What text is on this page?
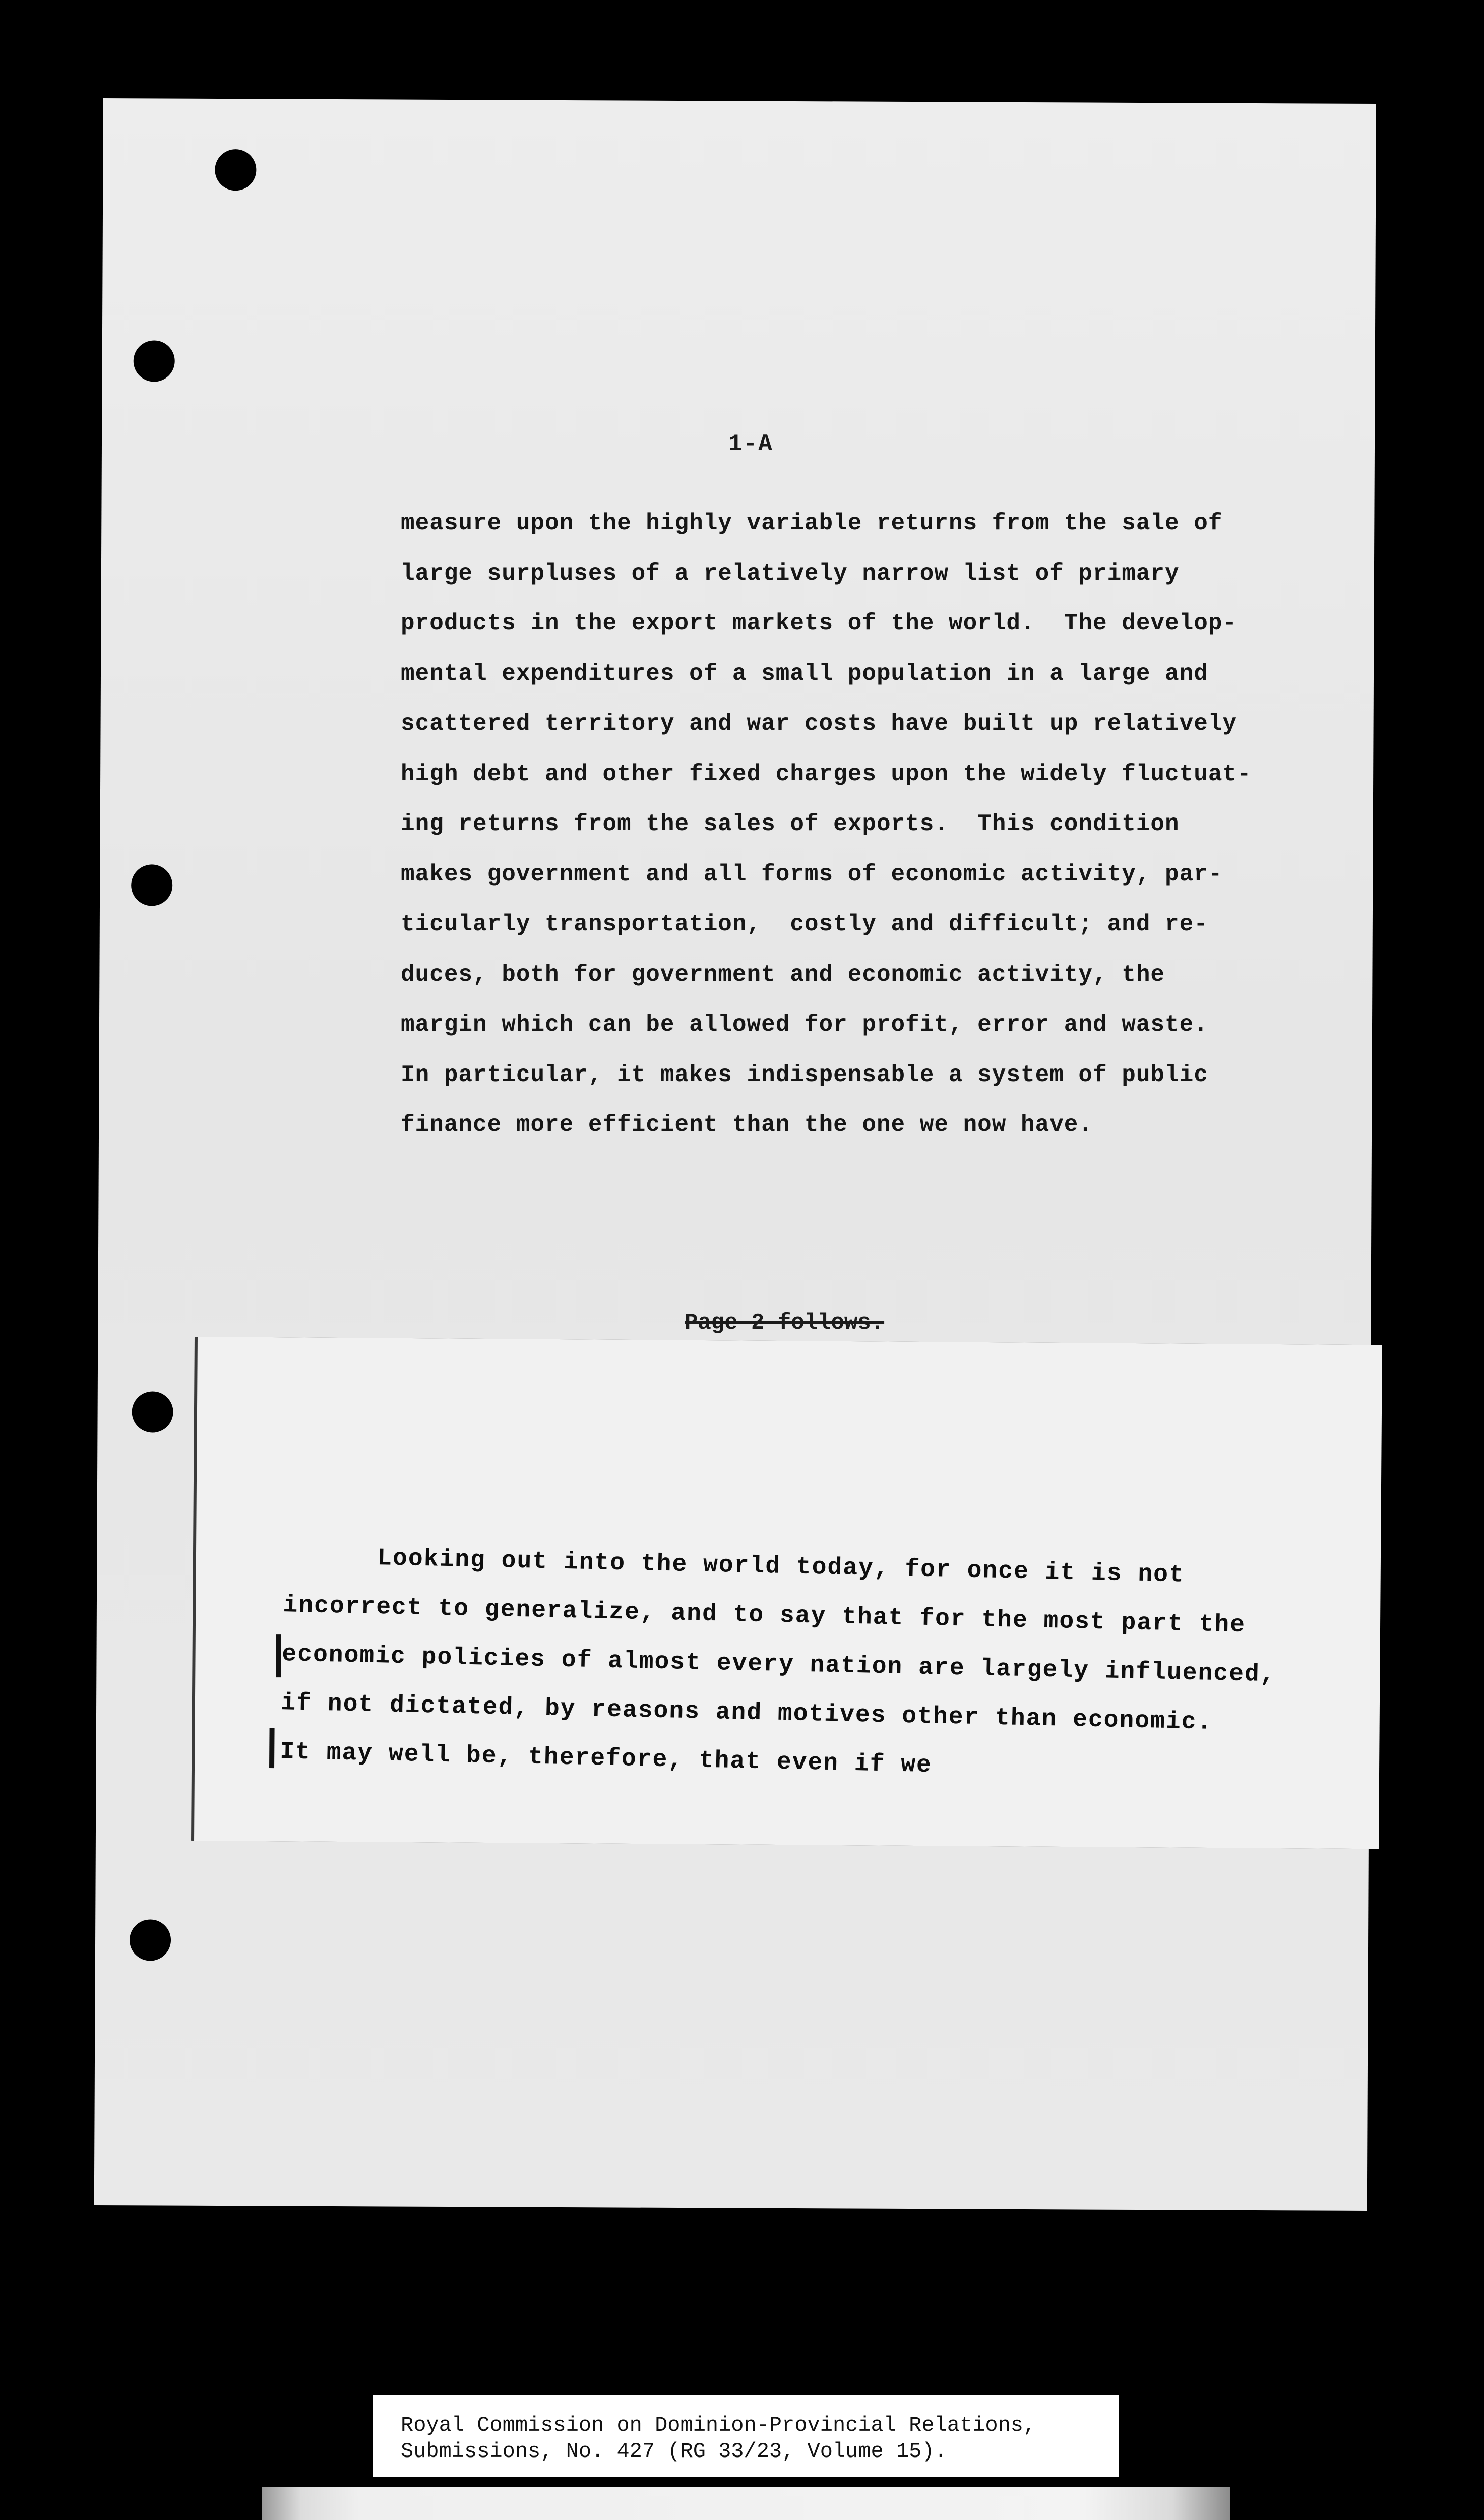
1-A
measure upon the highly variable returns from the sale of
large surpluses of a relatively narrow list of primary
products in the export markets of the world.  The develop-
mental expenditures of a small population in a large and
scattered territory and war costs have built up relatively
high debt and other fixed charges upon the widely fluctuat-
ing returns from the sales of exports.  This condition
makes government and all forms of economic activity, par-
ticularly transportation,  costly and difficult; and re-
duces, both for government and economic activity, the
margin which can be allowed for profit, error and waste.
In particular, it makes indispensable a system of public
finance more efficient than the one we now have.
Page 2 follows.
Looking out into the world today, for once it is not
incorrect to generalize, and to say that for the most part the
economic policies of almost every nation are largely influenced,
if not dictated, by reasons and motives other than economic.
It may well be, therefore, that even if we
Royal Commission on Dominion-Provincial Relations,
Submissions, No. 427 (RG 33/23, Volume 15).
